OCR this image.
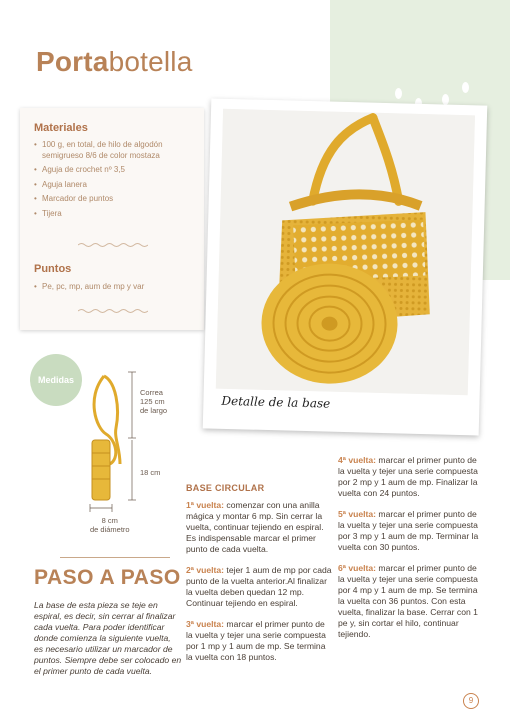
Portabotella
Materiales
• 100 g, en total, de hilo de algodón semigrueso 8/6 de color mostaza
• Aguja de crochet nº 3,5
• Aguja lanera
• Marcador de puntos
• Tijera
Puntos
• Pe, pc, mp, aum de mp y var
Detalle de la base
Medidas
Correa
125 cm
de largo
18 cm
8 cm
de diámetro
PASO A PASO

La base de esta pieza se teje en espiral, es decir, sin cerrar al finalizar cada vuelta. Para poder identificar donde comienza la siguiente vuelta, es necesario utilizar un marcador de puntos. Siempre debe ser colocado en el primer punto de cada vuelta.

BASE CIRCULAR

1ª vuelta: comenzar con una anilla mágica y montar 6 mp. Sin cerrar la vuelta, continuar tejiendo en espiral. Es indispensable marcar el primer punto de cada vuelta.

2ª vuelta: tejer 1 aum de mp por cada punto de la vuelta anterior.Al finalizar la vuelta deben quedan 12 mp. Continuar tejiendo en espiral.

3ª vuelta: marcar el primer punto de la vuelta y tejer una serie compuesta por 1 mp y 1 aum de mp. Se termina la vuelta con 18 puntos.

4ª vuelta: marcar el primer punto de la vuelta y tejer una serie compuesta por 2 mp y 1 aum de mp. Finalizar la vuelta con 24 puntos.

5ª vuelta: marcar el primer punto de la vuelta y tejer una serie compuesta por 3 mp y 1 aum de mp. Terminar la vuelta con 30 puntos.

6ª vuelta: marcar el primer punto de la vuelta y tejer una serie compuesta por 4 mp y 1 aum de mp. Se termina la vuelta con 36 puntos. Con esta vuelta, finalizar la base. Cerrar con 1 pe y, sin cortar el hilo, continuar tejiendo.

9
